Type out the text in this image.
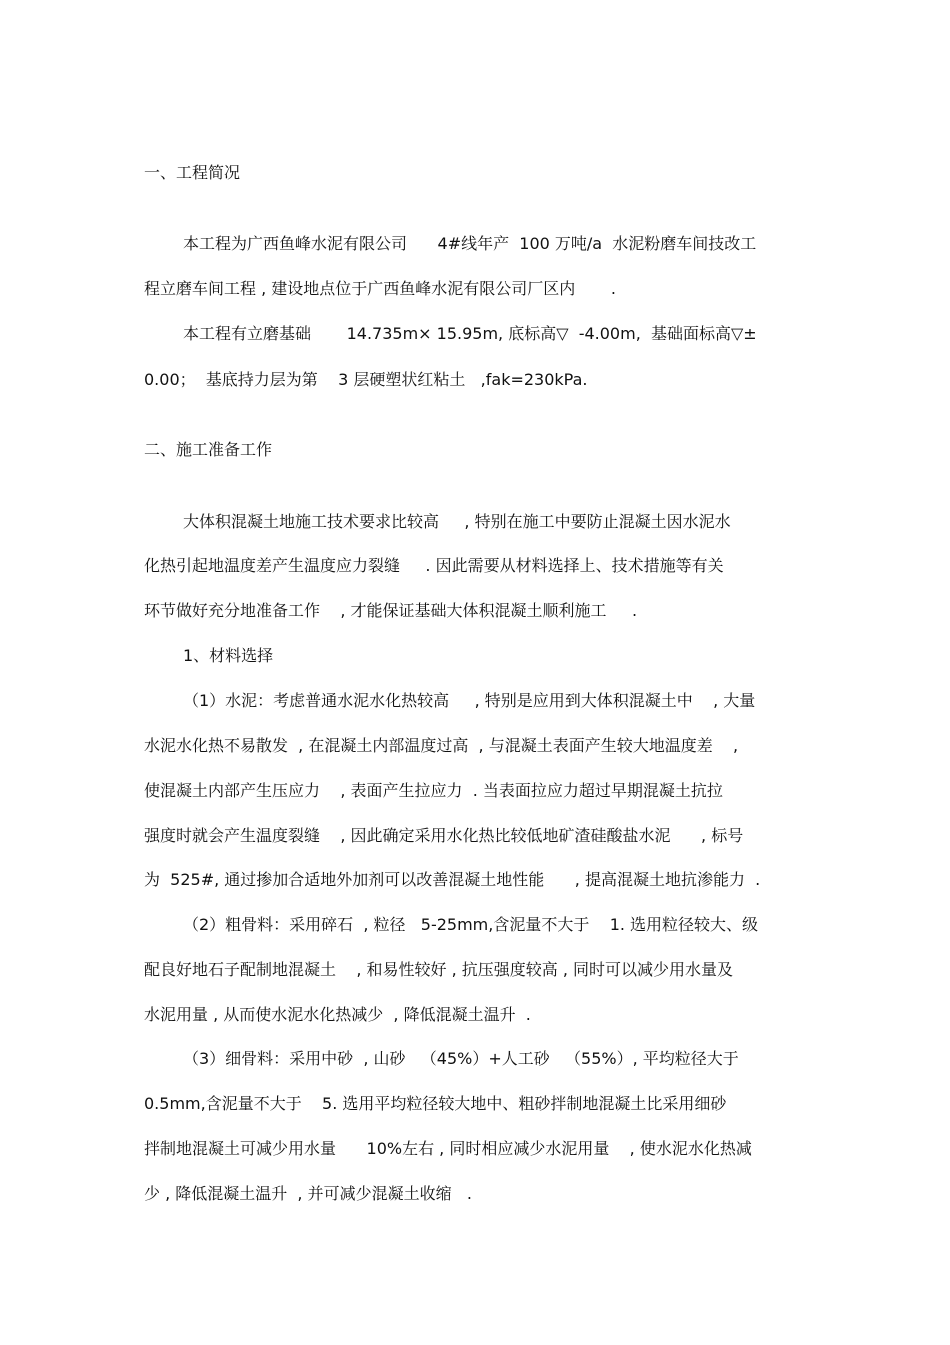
一、工程简况
本工程为广西鱼峰水泥有限公司      4#线年产  100 万吨/a  水泥粉磨车间技改工
程立磨车间工程 , 建设地点位于广西鱼峰水泥有限公司厂区内       .
本工程有立磨基础       14.735m× 15.95m, 底标高▽  -4.00m,  基础面标高▽±
0.00；  基底持力层为第    3 层硬塑状红粘土   ,fak=230kPa.
二、施工准备工作
大体积混凝土地施工技术要求比较高     , 特别在施工中要防止混凝土因水泥水
化热引起地温度差产生温度应力裂缝     . 因此需要从材料选择上、技术措施等有关
环节做好充分地准备工作    , 才能保证基础大体积混凝土顺利施工     .
1、材料选择
（1）水泥：考虑普通水泥水化热较高     , 特别是应用到大体积混凝土中    , 大量
水泥水化热不易散发  , 在混凝土内部温度过高  , 与混凝土表面产生较大地温度差    ,
使混凝土内部产生压应力    , 表面产生拉应力  . 当表面拉应力超过早期混凝土抗拉
强度时就会产生温度裂缝    , 因此确定采用水化热比较低地矿渣硅酸盐水泥      , 标号
为  525#, 通过掺加合适地外加剂可以改善混凝土地性能      , 提高混凝土地抗渗能力  .
（2）粗骨料：采用碎石  , 粒径   5-25mm,含泥量不大于    1. 选用粒径较大、级
配良好地石子配制地混凝土    , 和易性较好 , 抗压强度较高 , 同时可以减少用水量及
水泥用量 , 从而使水泥水化热减少  , 降低混凝土温升  .
（3）细骨料：采用中砂  , 山砂   （45%）+人工砂   （55%）, 平均粒径大于
0.5mm,含泥量不大于    5. 选用平均粒径较大地中、粗砂拌制地混凝土比采用细砂
拌制地混凝土可减少用水量      10%左右 , 同时相应减少水泥用量    , 使水泥水化热减
少 , 降低混凝土温升  , 并可减少混凝土收缩   .
